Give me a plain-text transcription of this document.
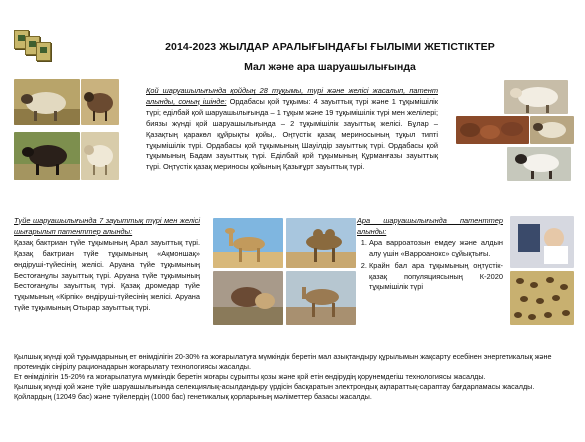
2014-2023 ЖЫЛДАР АРАЛЫҒЫНДАҒЫ ҒЫЛЫМИ ЖЕТІСТІКТЕР
Мал және ара шаруашылығында
Қой шаруашылығында қойдың 28 тұқымы, түрі және желісі жасалып, патент алынды, соның ішінде: Ордабасы қой тұқымы: 4 зауыттық түрі және 1 тұқымішілік түрі; еділбай қой шаруашылығында – 1 тұқым және 19 тұқымішілік түрі мен желілері; биязы жүнді қой шаруашылығында – 2 тұқымішілік зауыттық желісі. Бұлар – Қазақтың қаракөл құйрықты қойы,. Оңтүстік қазақ мериносының тұқыл типті тұқымішілік түрі. Ордабасы қой тұқымының Шауілдір зауыттық түрі. Ордабасы қой тұқымының Бадам зауыттық түрі. Еділбай қой тұқымының Құрманғазы зауыттық түрі. Оңтүстік қазақ мериносы қойының Қазығұрт зауыттық түрі.
Түйе шаруашылығында 7 зауыттық түрі мен желісі шығарылып патенттер алынды:
Қазақ бактриан түйе тұқымының Арал зауыттық түрі. Қазақ бактриан түйе тұқымының «Ақмоншақ» өндіруші-түйесінің желісі. Аруана түйе тұқымының Бестоғанұлы зауыттық түрі. Аруана түйе тұқымының Бестоғанұлы зауыттық түрі. Қазақ дромедар түйе тұқымының «Кірпік» өндіруші-түйесінің желісі. Аруана түйе тұқымының Отырар зауыттық түрі.
Ара шаруашылығында патенттер алынды:
1. Ара варроатозын емдеу және алдын алу үшін «Варроанокс» сұйықтығы.
2. Крайн бал ара тұқымының оңтүстік-қазақ популяциясының К-2020 тұқымішілік түрі
Қылшық жүнді қой тұқымдарының ет өнімділігін 20-30% ға жоғарылатуға мүмкіндік беретін мал азықтандыру құрылымын жақсарту есебінен энергетикалық және протеиндік сіңірілу рационадарын жоғарылату технологиясы жасалды.
Ет өнімділігін 15-20% ға жоғарылатуға мүмкіндік беретін жоғары сұрыпты қозы және қой етін өндірудің қорунемдегіш технологиясы жасалды.
Қылшық жүнді қой және түйе шаруашылығында селекциялық-асылдандыру үрдісін басқаратын электрондық ақпараттық-сараптау бағдарламасы жасалды.
Қойлардың (12049 бас) және түйелердің (1000 бас) генетикалық қорларының мәліметтер базасы жасалды.
